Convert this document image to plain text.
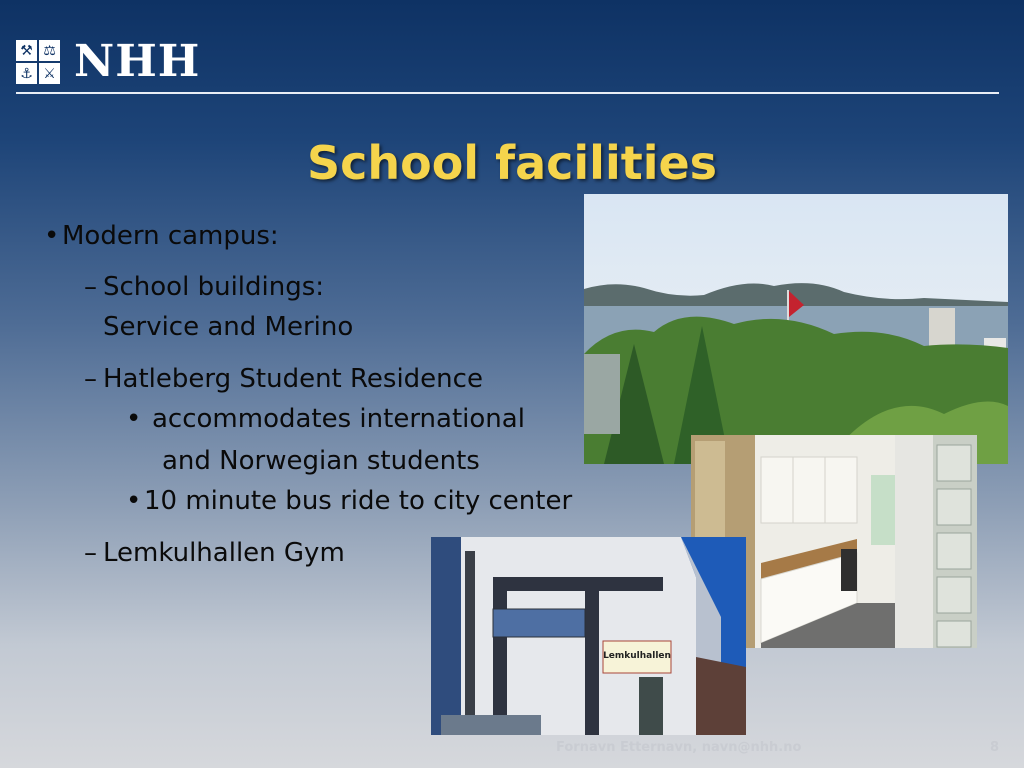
⚒ ⚖
⚓ ⚔ NHH
School facilities
• Modern campus:
– School buildings:
Service and Merino
– Hatleberg Student Residence
• accommodates international
and Norwegian students
• 10 minute bus ride to city center
– Lemkulhallen Gym
Lemkulhallen
Fornavn Etternavn, navn@nhh.no	8
